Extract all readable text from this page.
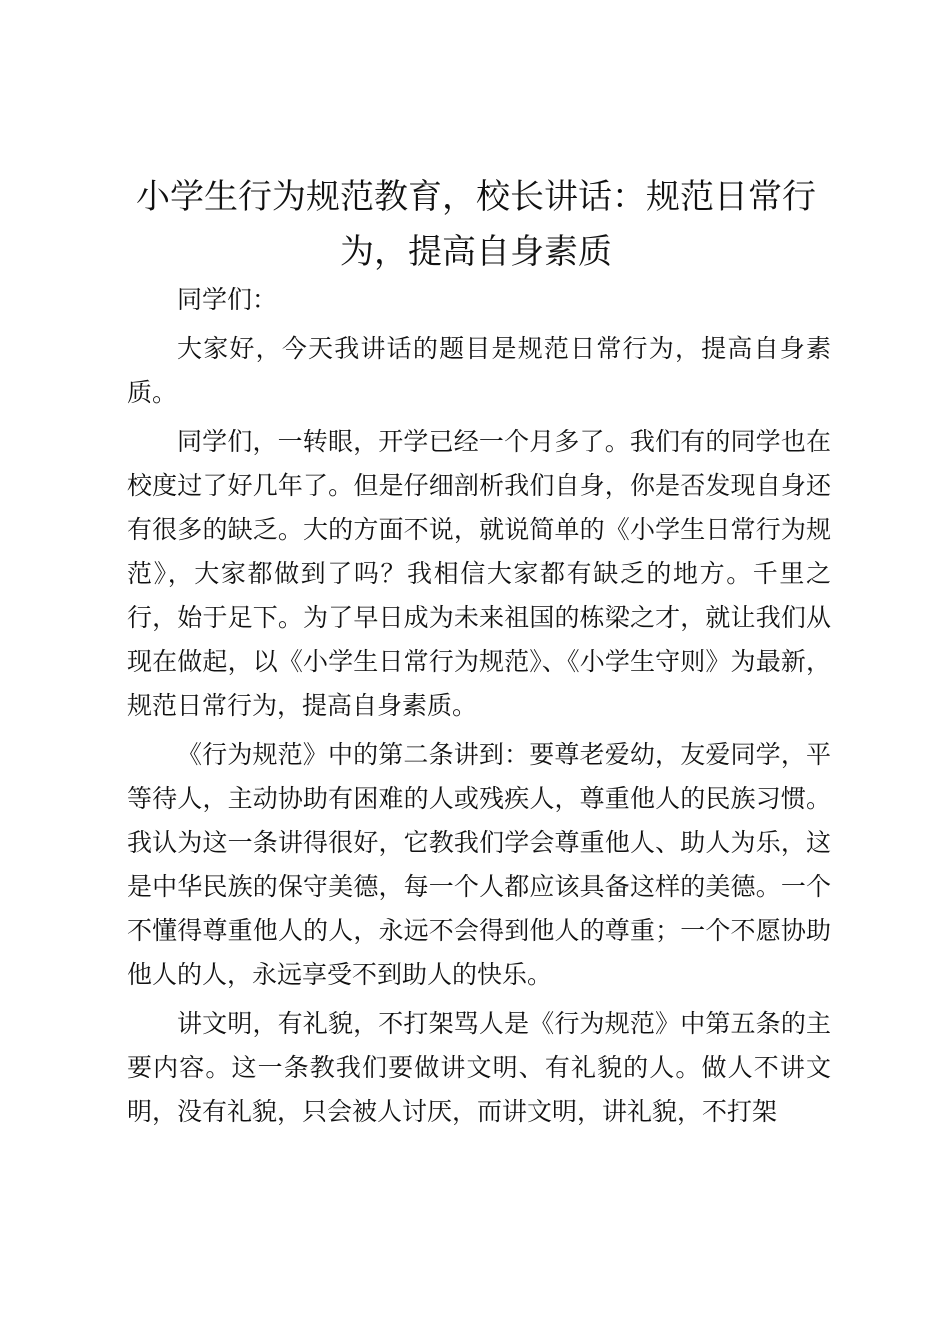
小学生行为规范教育，校长讲话：规范日常行为，提高自身素质

同学们：

大家好，今天我讲话的题目是规范日常行为，提高自身素质。

同学们，一转眼，开学已经一个月多了。我们有的同学也在校度过了好几年了。但是仔细剖析我们自身，你是否发现自身还有很多的缺乏。大的方面不说，就说简单的《小学生日常行为规范》，大家都做到了吗？我相信大家都有缺乏的地方。千里之行，始于足下。为了早日成为未来祖国的栋梁之才，就让我们从现在做起，以《小学生日常行为规范》、《小学生守则》为最新，规范日常行为，提高自身素质。

《行为规范》中的第二条讲到：要尊老爱幼，友爱同学，平等待人，主动协助有困难的人或残疾人，尊重他人的民族习惯。我认为这一条讲得很好，它教我们学会尊重他人、助人为乐，这是中华民族的保守美德，每一个人都应该具备这样的美德。一个不懂得尊重他人的人，永远不会得到他人的尊重；一个不愿协助他人的人，永远享受不到助人的快乐。

讲文明，有礼貌，不打架骂人是《行为规范》中第五条的主要内容。这一条教我们要做讲文明、有礼貌的人。做人不讲文明，没有礼貌，只会被人讨厌，而讲文明，讲礼貌，不打架
